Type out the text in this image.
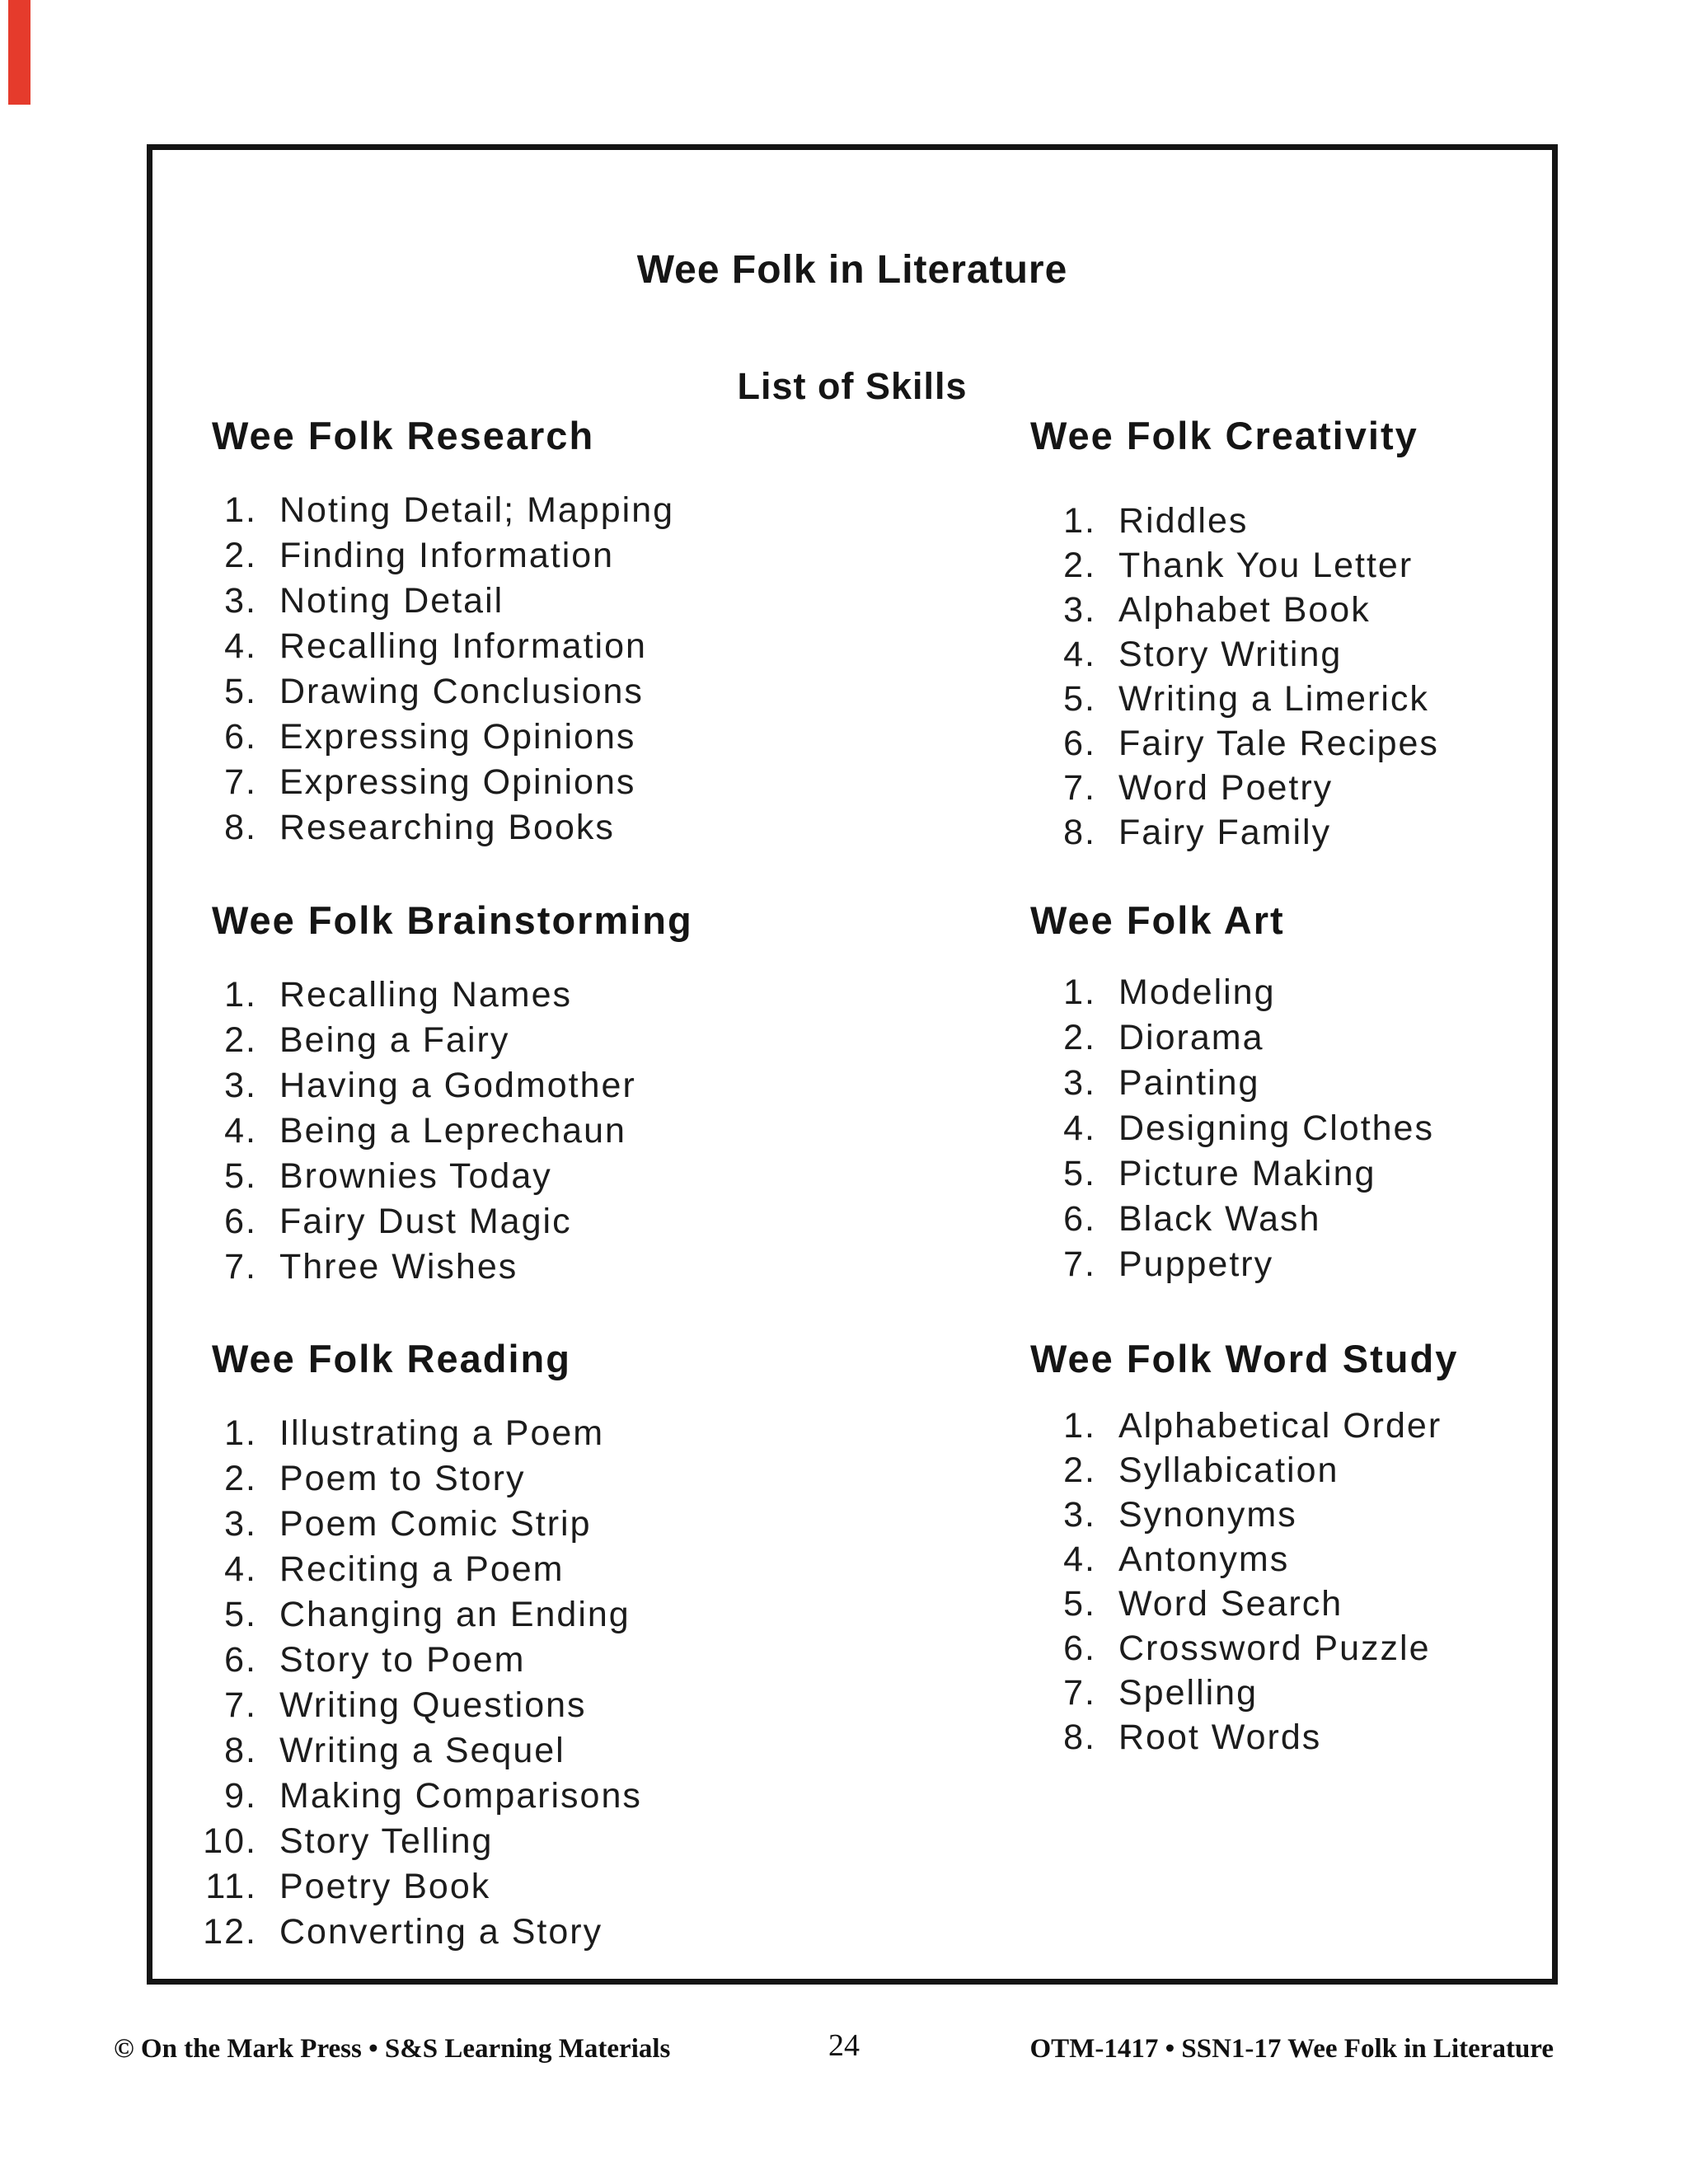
Wee Folk in Literature
List of Skills
Wee Folk Research
1. Noting Detail; Mapping
2. Finding Information
3. Noting Detail
4. Recalling Information
5. Drawing Conclusions
6. Expressing Opinions
7. Expressing Opinions
8. Researching Books
Wee Folk Brainstorming
1. Recalling Names
2. Being a Fairy
3. Having a Godmother
4. Being a Leprechaun
5. Brownies Today
6. Fairy Dust Magic
7. Three Wishes
Wee Folk Reading
1. Illustrating a Poem
2. Poem to Story
3. Poem Comic Strip
4. Reciting a Poem
5. Changing an Ending
6. Story to Poem
7. Writing Questions
8. Writing a Sequel
9. Making Comparisons
10. Story Telling
11. Poetry Book
12. Converting a Story
Wee Folk Creativity
1. Riddles
2. Thank You Letter
3. Alphabet Book
4. Story Writing
5. Writing a Limerick
6. Fairy Tale Recipes
7. Word Poetry
8. Fairy Family
Wee Folk Art
1. Modeling
2. Diorama
3. Painting
4. Designing Clothes
5. Picture Making
6. Black Wash
7. Puppetry
Wee Folk Word Study
1. Alphabetical Order
2. Syllabication
3. Synonyms
4. Antonyms
5. Word Search
6. Crossword Puzzle
7. Spelling
8. Root Words
© On the Mark Press • S&S Learning Materials	24	OTM-1417 • SSN1-17 Wee Folk in Literature
